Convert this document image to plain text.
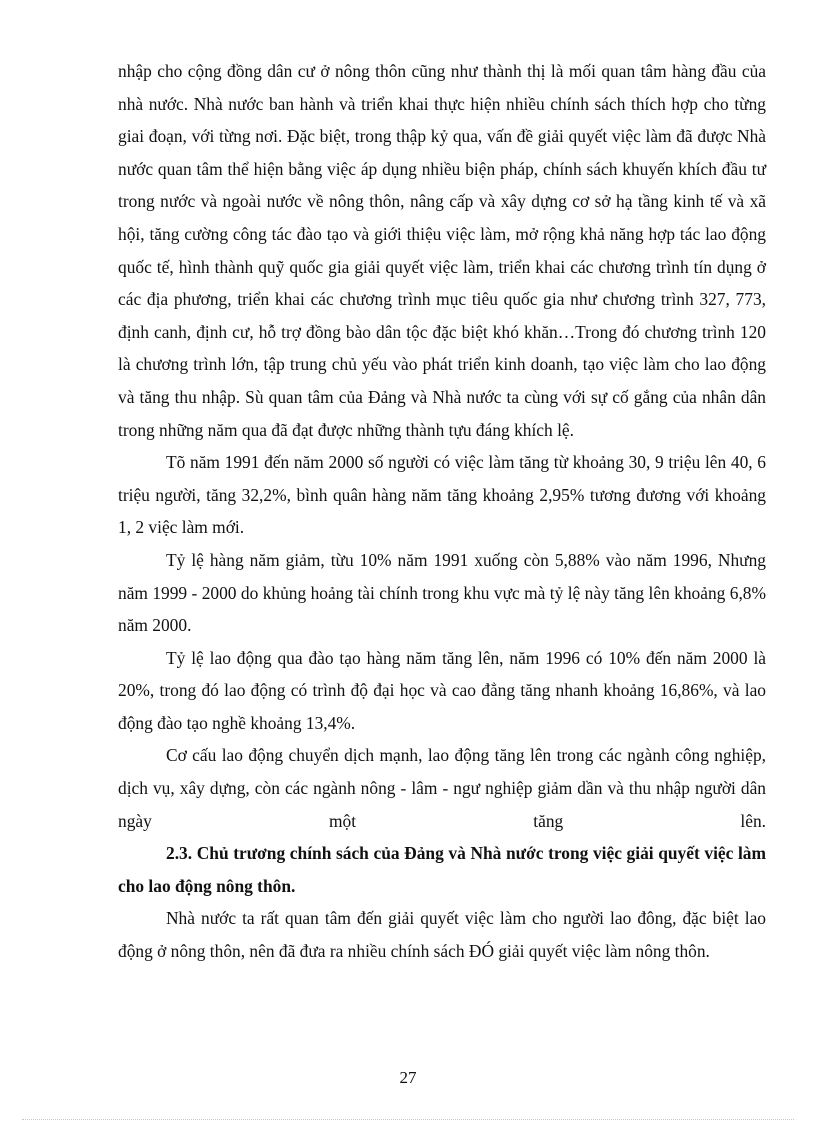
nhập cho cộng đồng dân cư ở nông thôn cũng như thành thị là mối quan tâm hàng đầu của nhà nước. Nhà nước ban hành và triển khai thực hiện nhiều chính sách thích hợp cho từng giai đoạn, với từng nơi. Đặc biệt, trong thập kỷ qua, vấn đề giải quyết việc làm đã được Nhà nước quan tâm thể hiện bằng việc áp dụng nhiều biện pháp, chính sách khuyến khích đầu tư trong nước và ngoài nước về nông thôn, nâng cấp và xây dựng cơ sở hạ tầng kinh tế và xã hội, tăng cường công tác đào tạo và giới thiệu việc làm, mở rộng khả năng hợp tác lao động quốc tế, hình thành quỹ quốc gia giải quyết việc làm, triển khai các chương trình tín dụng ở các địa phương, triển khai các chương trình mục tiêu quốc gia như chương trình 327, 773, định canh, định cư, hỗ trợ đồng bào dân tộc đặc biệt khó khăn…Trong đó chương trình 120 là chương trình lớn, tập trung chủ yếu vào phát triển kinh doanh, tạo việc làm cho lao động và tăng thu nhập. Sù quan tâm của Đảng và Nhà nước ta cùng với sự cố gắng của nhân dân trong những năm qua đã đạt được những thành tựu đáng khích lệ.

Tõ năm 1991 đến năm 2000 số người có việc làm tăng từ khoảng 30, 9 triệu lên 40, 6 triệu người, tăng 32,2%, bình quân hàng năm tăng khoảng 2,95% tương đương với khoảng 1, 2 việc làm mới.

Tỷ lệ hàng năm giảm, từu 10% năm 1991 xuống còn 5,88% vào năm 1996, Nhưng năm 1999 - 2000 do khủng hoảng tài chính trong khu vực mà tỷ lệ này tăng lên khoảng 6,8% năm 2000.

Tỷ lệ lao động qua đào tạo hàng năm tăng lên, năm 1996 có 10% đến năm 2000 là 20%, trong đó lao động có trình độ đại học và cao đẳng tăng nhanh khoảng 16,86%, và lao động đào tạo nghề khoảng 13,4%.

Cơ cấu lao động chuyển dịch mạnh, lao động tăng lên trong các ngành công nghiệp, dịch vụ, xây dựng, còn các ngành nông - lâm - ngư nghiệp giảm dần và thu nhập người dân ngày một tăng lên.

2.3. Chủ trương chính sách của Đảng và Nhà nước trong việc giải quyết việc làm cho lao động nông thôn.

Nhà nước ta rất quan tâm đến giải quyết việc làm cho người lao đông, đặc biệt lao động ở nông thôn, nên đã đưa ra nhiều chính sách ĐÓ giải quyết việc làm nông thôn.

27
